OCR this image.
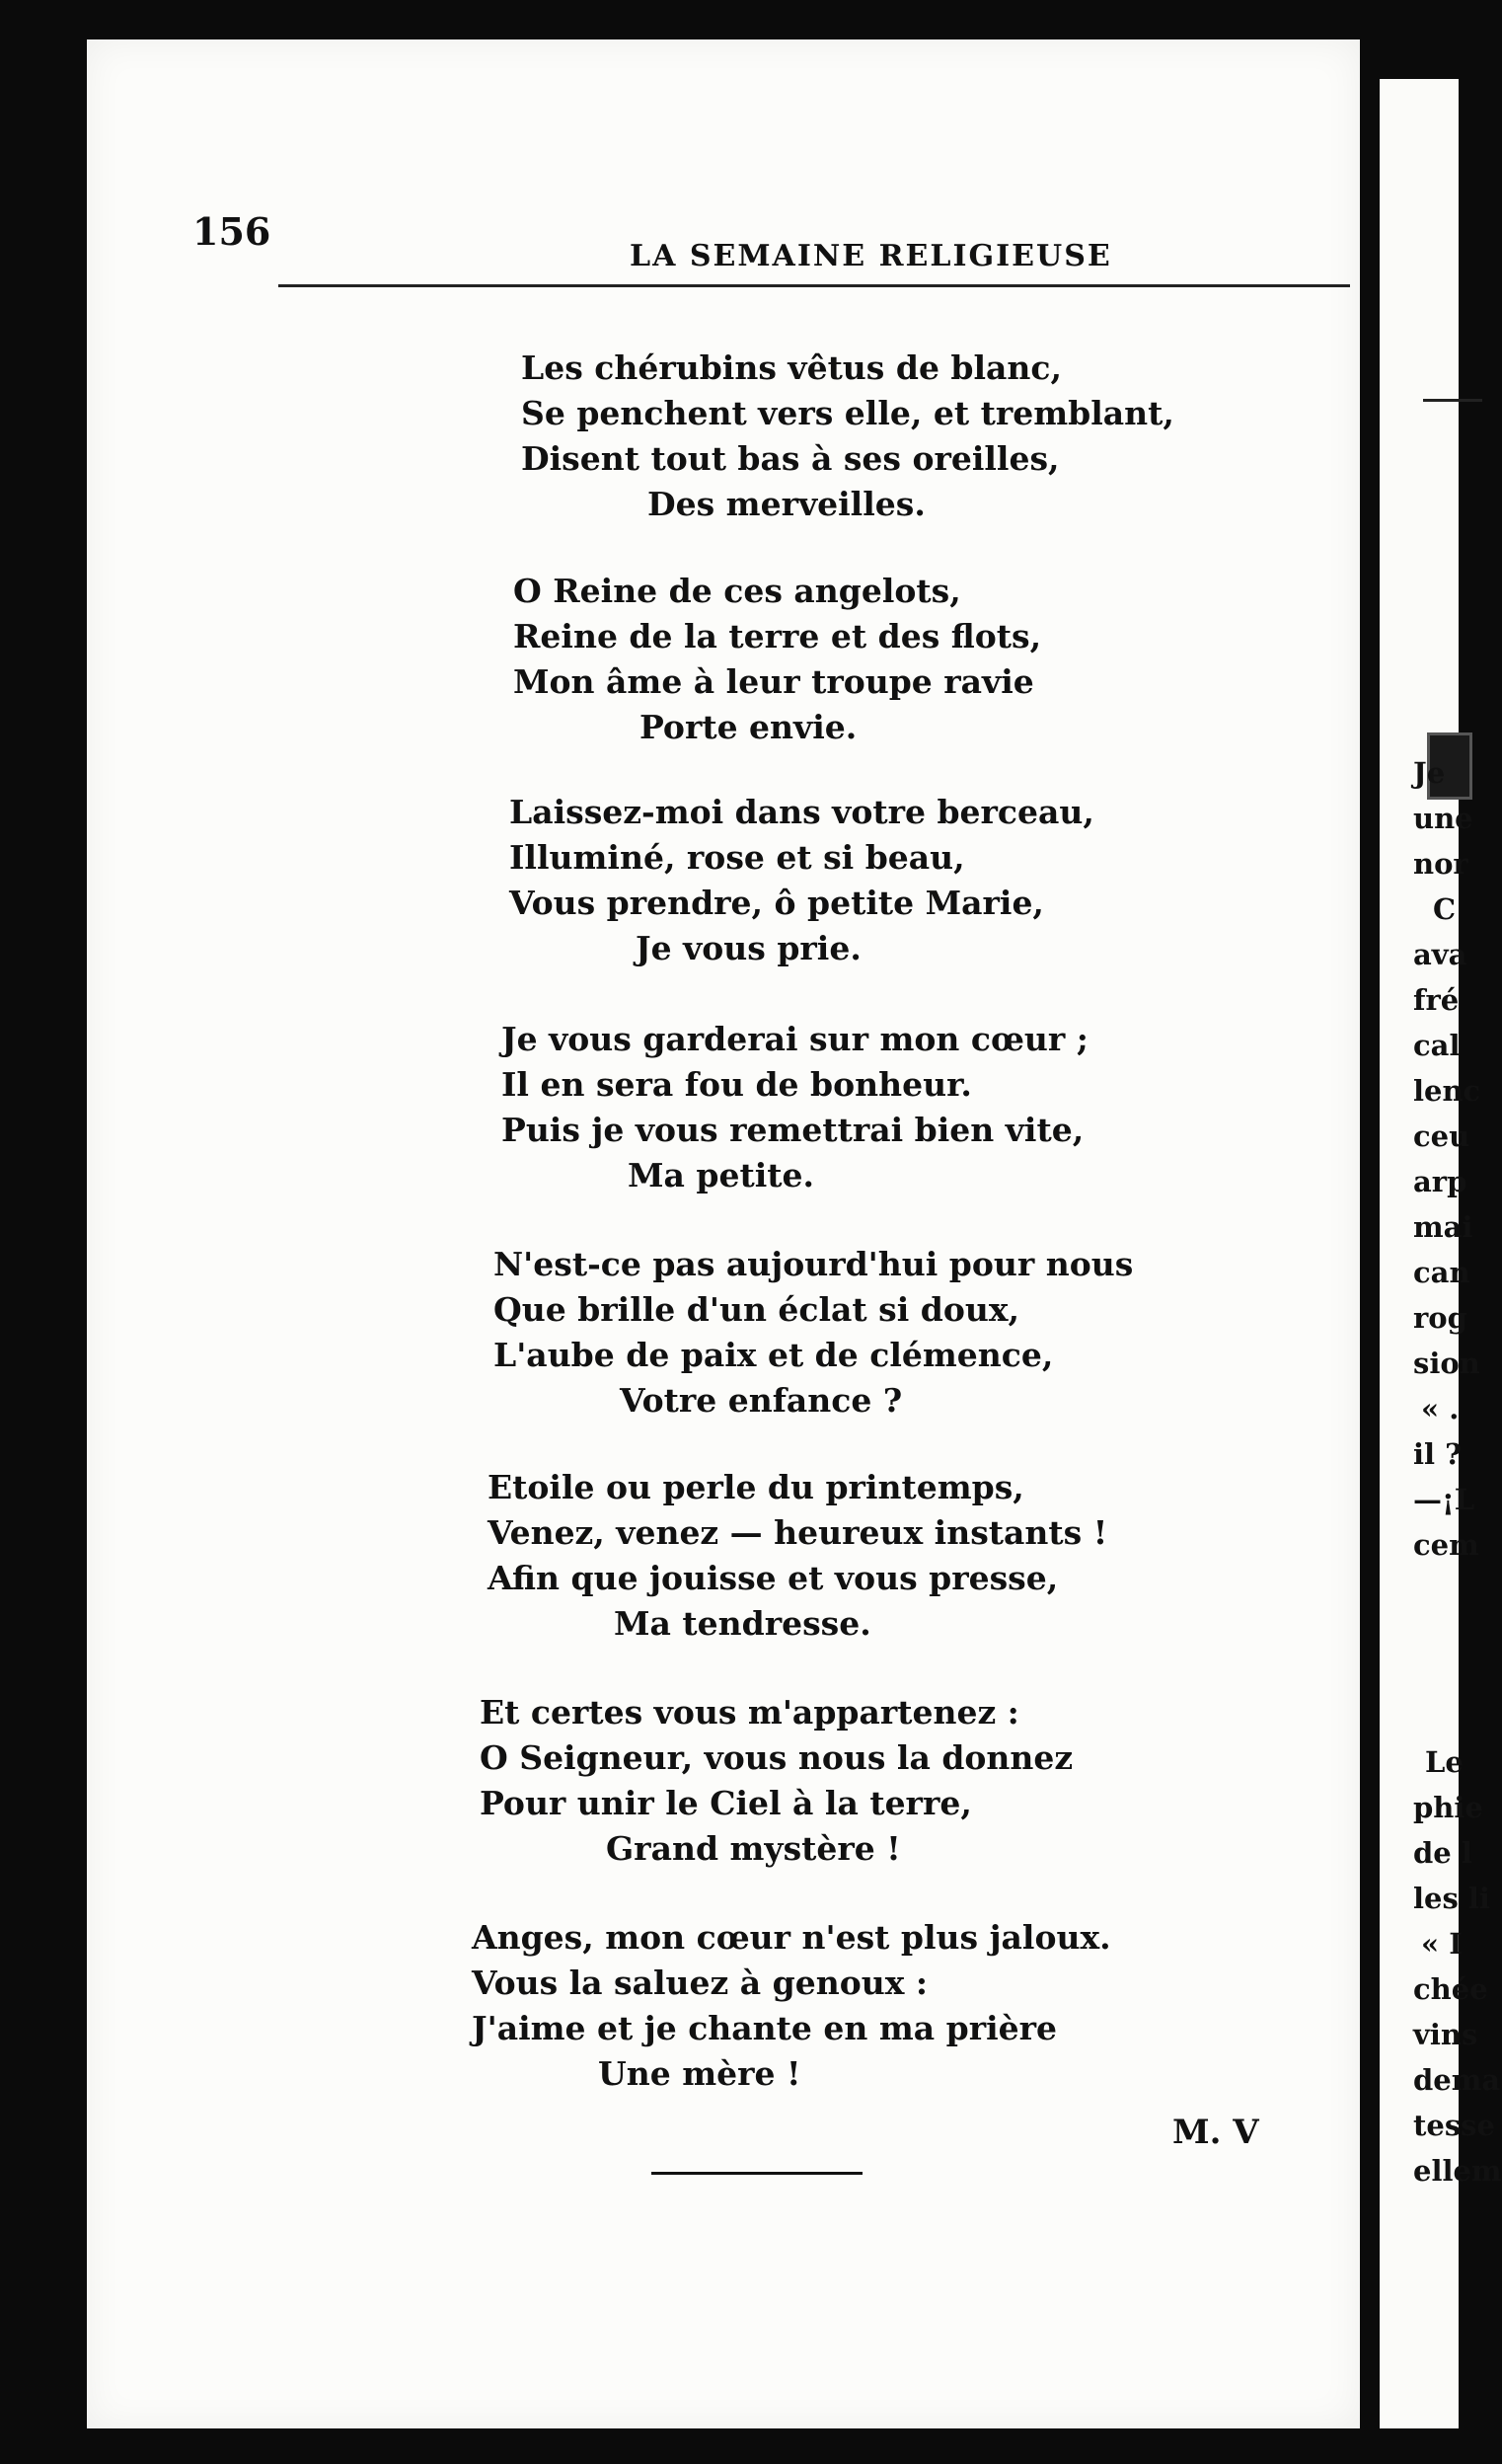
156
LA SEMAINE RELIGIEUSE
Les chérubins vêtus de blanc,
Se penchent vers elle, et tremblant,
Disent tout bas à ses oreilles,
Des merveilles.
O Reine de ces angelots,
Reine de la terre et des flots,
Mon âme à leur troupe ravie
Porte envie.
Laissez-moi dans votre berceau,
Illuminé, rose et si beau,
Vous prendre, ô petite Marie,
Je vous prie.
Je vous garderai sur mon cœur ;
Il en sera fou de bonheur.
Puis je vous remettrai bien vite,
Ma petite.
N'est-ce pas aujourd'hui pour nous
Que brille d'un éclat si doux,
L'aube de paix et de clémence,
Votre enfance ?
Etoile ou perle du printemps,
Venez, venez — heureux instants !
Afin que jouisse et vous presse,
Ma tendresse.
Et certes vous m'appartenez :
O Seigneur, vous nous la donnez
Pour unir le Ciel à la terre,
Grand mystère !
Anges, mon cœur n'est plus jaloux.
Vous la saluez à genoux :
J'aime et je chante en ma prière
Une mère !
M. V
Je
une
nor
C
ava
fré
cal
lenc
ceu
arp
mai
can
rog
sion
« .
il ?
—¡L
cem
Le
phie
de l
les li
« I
chée
vins
dema
tesse
ellem
